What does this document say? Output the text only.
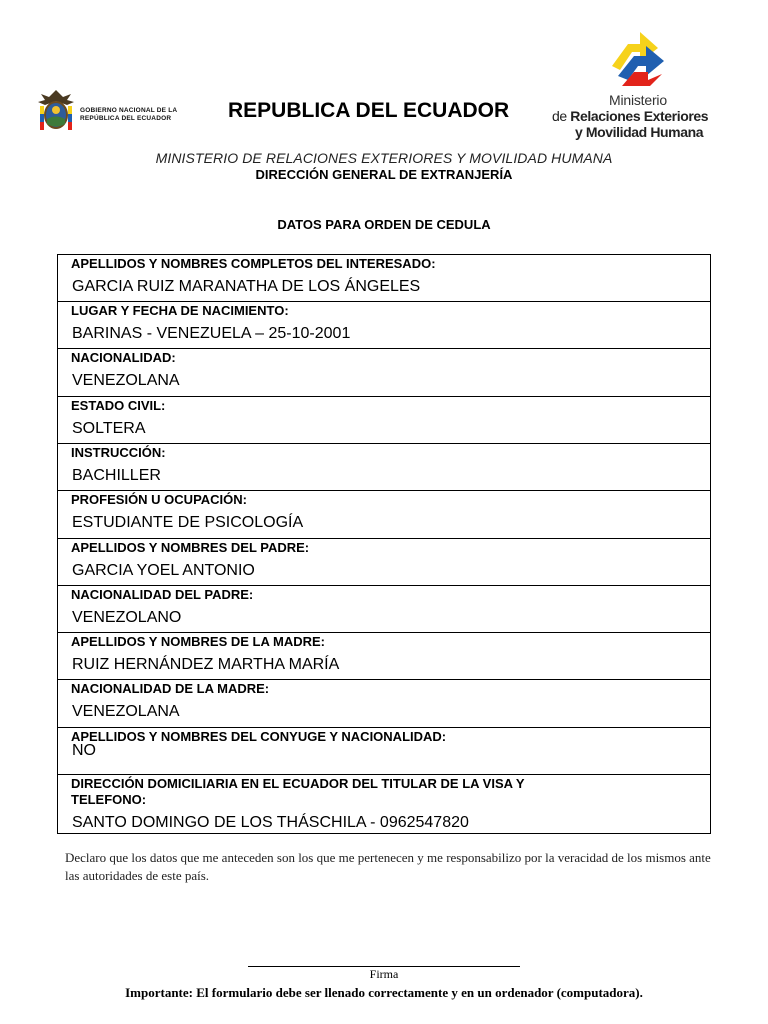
GOBIERNO NACIONAL DE LA REPÚBLICA DEL ECUADOR	REPUBLICA DEL ECUADOR	Ministerio
de Relaciones Exteriores
y Movilidad Humana
MINISTERIO DE RELACIONES EXTERIORES Y MOVILIDAD HUMANA
DIRECCIÓN GENERAL DE EXTRANJERÍA
DATOS PARA ORDEN DE CEDULA
APELLIDOS Y NOMBRES COMPLETOS DEL INTERESADO:
GARCIA RUIZ MARANATHA DE LOS ÁNGELES
LUGAR Y FECHA DE NACIMIENTO:
BARINAS - VENEZUELA – 25-10-2001
NACIONALIDAD:
VENEZOLANA
ESTADO CIVIL:
SOLTERA
INSTRUCCIÓN:
BACHILLER
PROFESIÓN U OCUPACIÓN:
ESTUDIANTE DE PSICOLOGÍA
APELLIDOS Y NOMBRES DEL PADRE:
GARCIA YOEL ANTONIO
NACIONALIDAD DEL PADRE:
VENEZOLANO
APELLIDOS Y NOMBRES DE LA MADRE:
RUIZ HERNÁNDEZ MARTHA MARÍA
NACIONALIDAD DE LA MADRE:
VENEZOLANA
APELLIDOS Y NOMBRES DEL CONYUGE Y NACIONALIDAD:
NO
DIRECCIÓN DOMICILIARIA EN EL ECUADOR DEL TITULAR DE LA VISA Y
TELEFONO:
SANTO DOMINGO DE LOS THÁSCHILA - 0962547820
Declaro que los datos que me anteceden son los que me pertenecen y me responsabilizo por la veracidad de los mismos ante las autoridades de este país.
Firma
Importante: El formulario debe ser llenado correctamente y en un ordenador (computadora).
